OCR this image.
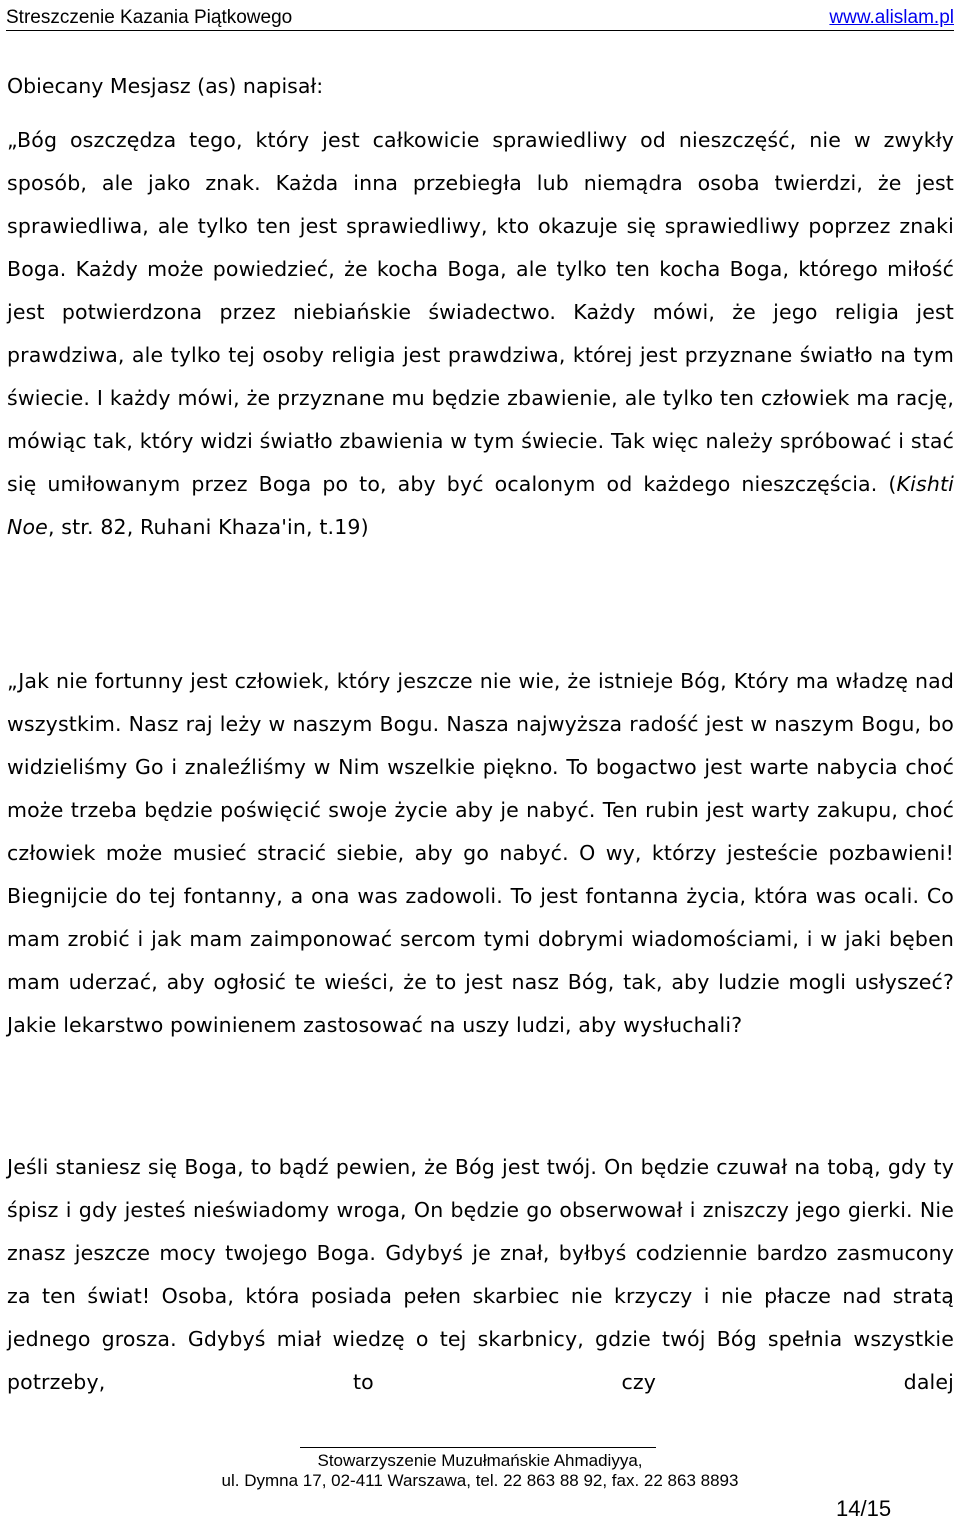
Streszczenie Kazania Piątkowego	www.alislam.pl
Obiecany Mesjasz (as) napisał:

„Bóg oszczędza tego, który jest całkowicie sprawiedliwy od nieszczęść, nie w zwykły sposób, ale jako znak. Każda inna przebiegła lub niemądra osoba twierdzi, że jest sprawiedliwa, ale tylko ten jest sprawiedliwy, kto okazuje się sprawiedliwy poprzez znaki Boga. Każdy może powiedzieć, że kocha Boga, ale tylko ten kocha Boga, którego miłość jest potwierdzona przez niebiańskie świadectwo. Każdy mówi, że jego religia jest prawdziwa, ale tylko tej osoby religia jest prawdziwa, której jest przyznane światło na tym świecie. I każdy mówi, że przyznane mu będzie zbawienie, ale tylko ten człowiek ma rację, mówiąc tak, który widzi światło zbawienia w tym świecie. Tak więc należy spróbować i stać się umiłowanym przez Boga po to, aby być ocalonym od każdego nieszczęścia. (Kishti Noe, str. 82, Ruhani Khaza'in, t.19)

„Jak nie fortunny jest człowiek, który jeszcze nie wie, że istnieje Bóg, Który ma władzę nad wszystkim. Nasz raj leży w naszym Bogu. Nasza najwyższa radość jest w naszym Bogu, bo widzieliśmy Go i znaleźliśmy w Nim wszelkie piękno. To bogactwo jest warte nabycia choć może trzeba będzie poświęcić swoje życie aby je nabyć. Ten rubin jest warty zakupu, choć człowiek może musieć stracić siebie, aby go nabyć. O wy, którzy jesteście pozbawieni! Biegnijcie do tej fontanny, a ona was zadowoli. To jest fontanna życia, która was ocali. Co mam zrobić i jak mam zaimponować sercom tymi dobrymi wiadomościami, i w jaki bęben mam uderzać, aby ogłosić te wieści, że to jest nasz Bóg, tak, aby ludzie mogli usłyszeć? Jakie lekarstwo powinienem zastosować na uszy ludzi, aby wysłuchali?

Jeśli staniesz się Boga, to bądź pewien, że Bóg jest twój. On będzie czuwał na tobą, gdy ty śpisz i gdy jesteś nieświadomy wroga, On będzie go obserwował i zniszczy jego gierki. Nie znasz jeszcze mocy twojego Boga. Gdybyś je znał, byłbyś codziennie bardzo zasmucony za ten świat! Osoba, która posiada pełen skarbiec nie krzyczy i nie płacze nad stratą jednego grosza. Gdybyś miał wiedzę o tej skarbnicy, gdzie twój Bóg spełnia wszystkie potrzeby, to czy dalej

Stowarzyszenie Muzułmańskie Ahmadiyya,
ul. Dymna 17, 02-411 Warszawa, tel. 22 863 88 92, fax. 22 863 8893
14/15
